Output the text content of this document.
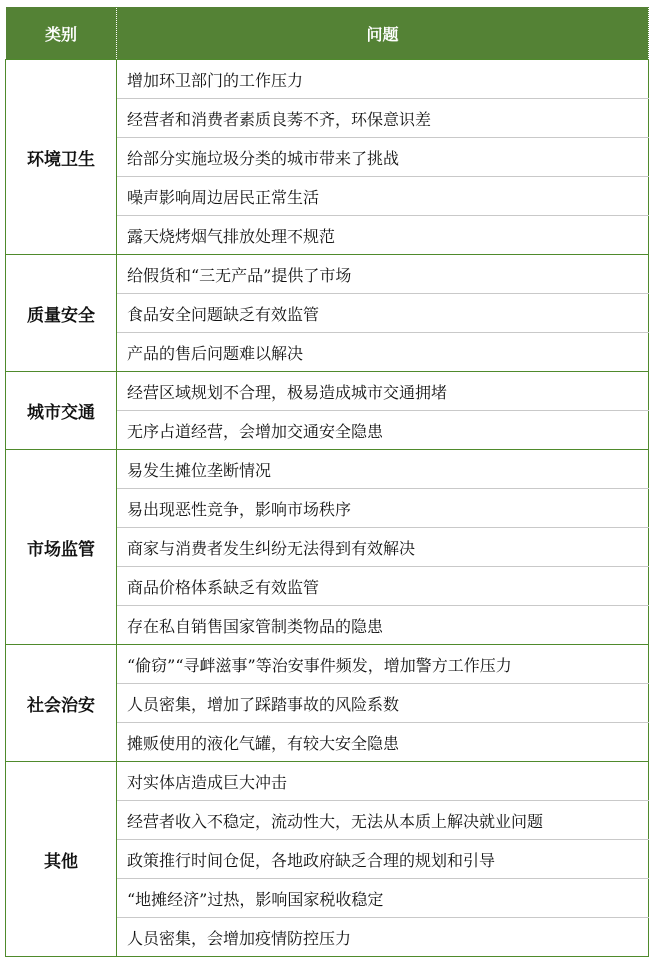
类别	问题
环境卫生	增加环卫部门的工作压力
	经营者和消费者素质良莠不齐，环保意识差
	给部分实施垃圾分类的城市带来了挑战
	噪声影响周边居民正常生活
	露天烧烤烟气排放处理不规范
质量安全	给假货和“三无产品”提供了市场
	食品安全问题缺乏有效监管
	产品的售后问题难以解决
城市交通	经营区域规划不合理，极易造成城市交通拥堵
	无序占道经营，会增加交通安全隐患
市场监管	易发生摊位垄断情况
	易出现恶性竞争，影响市场秩序
	商家与消费者发生纠纷无法得到有效解决
	商品价格体系缺乏有效监管
	存在私自销售国家管制类物品的隐患
社会治安	“偷窃”“寻衅滋事”等治安事件频发，增加警方工作压力
	人员密集，增加了踩踏事故的风险系数
	摊贩使用的液化气罐，有较大安全隐患
其他	对实体店造成巨大冲击
	经营者收入不稳定，流动性大，无法从本质上解决就业问题
	政策推行时间仓促，各地政府缺乏合理的规划和引导
	“地摊经济”过热，影响国家税收稳定
	人员密集，会增加疫情防控压力
